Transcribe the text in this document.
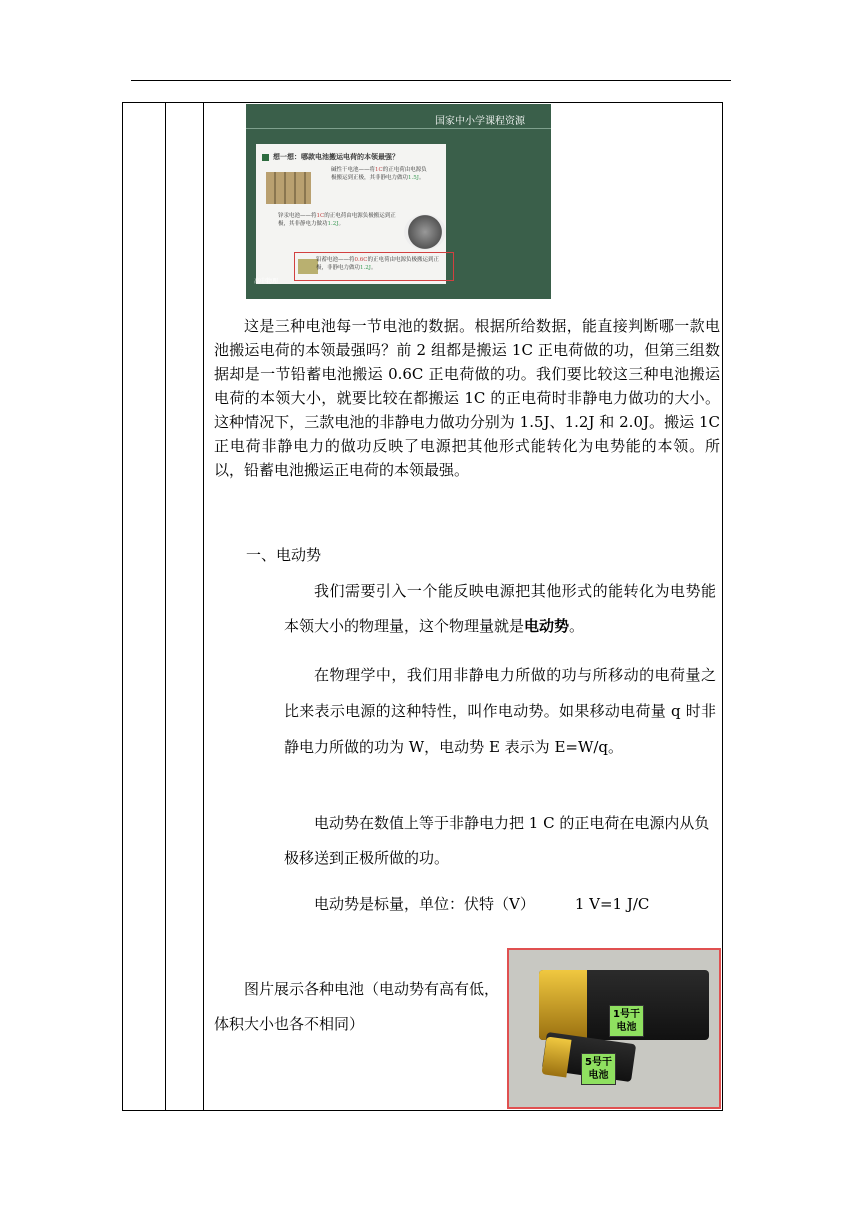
国家中小学课程资源
想一想：哪款电池搬运电荷的本领最强？
碱性干电池——将1C的正电荷由电源负极搬运到正极，其非静电力做功1.5J。
锌汞电池——将1C的正电荷由电源负极搬运到正极，其非静电力做功1.2J。
铅蓄电池——将0.6C的正电荷由电源负极搬运到正极，非静电力做功1.2J。
高中物理
这是三种电池每一节电池的数据。根据所给数据，能直接判断哪一款电池搬运电荷的本领最强吗？前 2 组都是搬运 1C 正电荷做的功，但第三组数据却是一节铅蓄电池搬运 0.6C 正电荷做的功。我们要比较这三种电池搬运电荷的本领大小，就要比较在都搬运 1C 的正电荷时非静电力做功的大小。这种情况下，三款电池的非静电力做功分别为 1.5J、1.2J 和 2.0J。搬运 1C 正电荷非静电力的做功反映了电源把其他形式能转化为电势能的本领。所以，铅蓄电池搬运正电荷的本领最强。
一、电动势
我们需要引入一个能反映电源把其他形式的能转化为电势能本领大小的物理量，这个物理量就是电动势。
在物理学中，我们用非静电力所做的功与所移动的电荷量之比来表示电源的这种特性，叫作电动势。如果移动电荷量 q 时非静电力所做的功为 W，电动势 E 表示为 E=W/q。
电动势在数值上等于非静电力把 1 C 的正电荷在电源内从负极移送到正极所做的功。
电动势是标量，单位：伏特（V）	1 V=1 J/C
图片展示各种电池（电动势有高有低，体积大小也各不相同）
1号干
电池
5号干
电池
